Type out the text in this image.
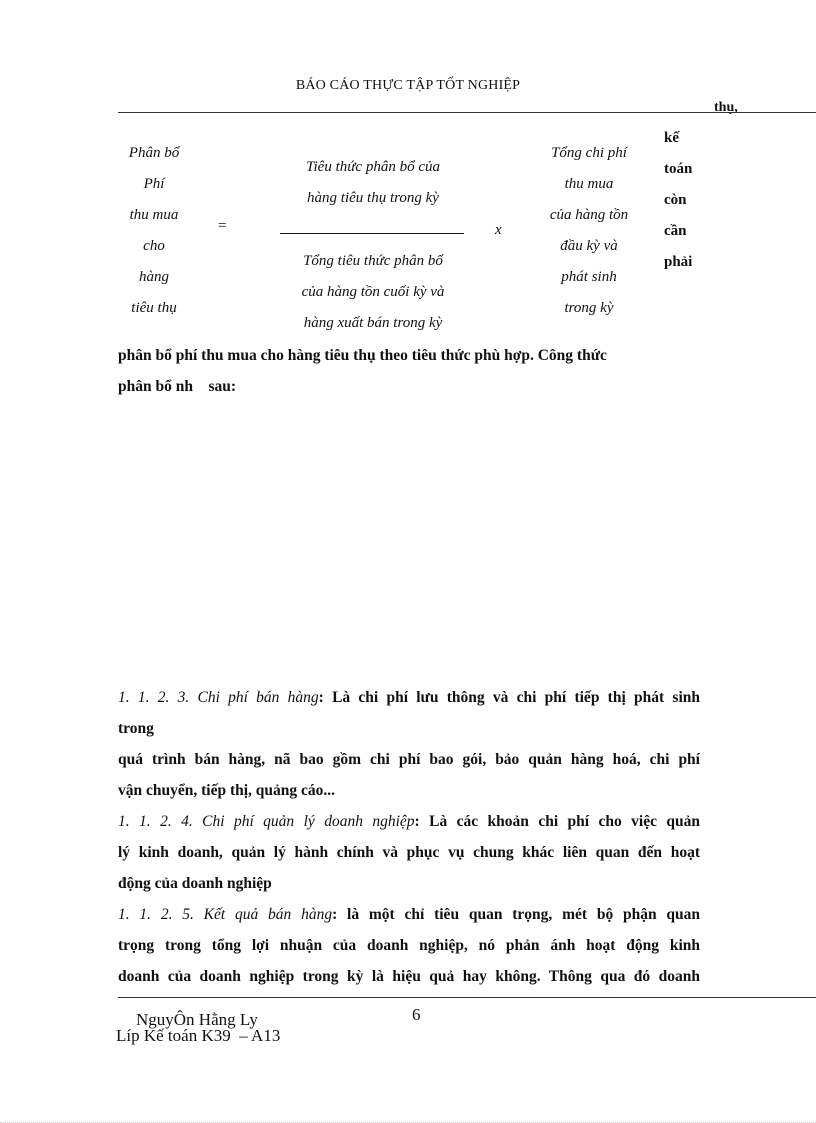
BÁO CÁO THỰC TẬP TỐT NGHIỆP
thụ,
Phân bổ
Phí
thu mua
cho
hàng
tiêu thụ
=
Tiêu thức phân bổ của
hàng tiêu thụ trong kỳ
Tổng tiêu thức phân bổ
của hàng tồn cuối kỳ và
hàng xuất bán trong kỳ
x
Tổng chi phí
thu mua
của hàng tồn
đầu kỳ và
phát sinh
trong kỳ
kế
toán
còn
cần
phải
phân bổ phí thu mua cho hàng tiêu thụ theo tiêu thức phù hợp. Công thức
phân bổ nh    sau:
1. 1. 2. 3. Chi phí bán hàng: Là chi phí lưu thông và chi phí tiếp thị phát sinh
trong
quá trình bán hàng, nã bao gồm chi phí bao gói, bảo quản hàng hoá, chi phí
vận chuyển, tiếp thị, quảng cáo...
1. 1. 2. 4. Chi phí quản lý doanh nghiệp: Là các khoản chi phí cho việc quản
lý kinh doanh, quản lý hành chính và phục vụ chung khác liên quan đến hoạt
động của doanh nghiệp
1. 1. 2. 5. Kết quả bán hàng: là một chỉ tiêu quan trọng, mét bộ phận quan
trọng trong tổng lợi nhuận của doanh nghiệp, nó phản ánh hoạt động kinh
doanh của doanh nghiệp trong kỳ là hiệu quả hay không. Thông qua đó doanh
NguyÔn Hằng Ly	6
Líp Kế toán K39  – A13
